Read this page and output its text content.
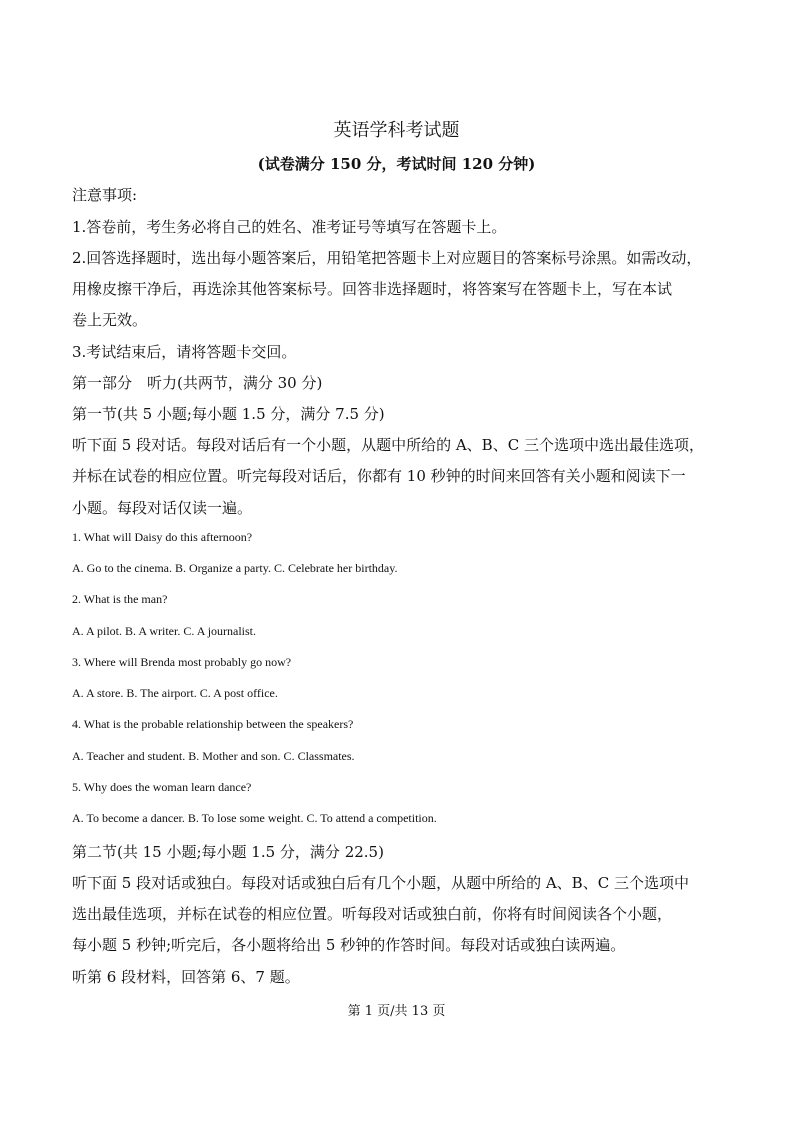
英语学科考试题
(试卷满分 150 分，考试时间 120 分钟)
注意事项:
1.答卷前，考生务必将自己的姓名、准考证号等填写在答题卡上。
2.回答选择题时，选出每小题答案后，用铅笔把答题卡上对应题目的答案标号涂黑。如需改动，
用橡皮擦干净后，再选涂其他答案标号。回答非选择题时，将答案写在答题卡上，写在本试
卷上无效。
3.考试结束后，请将答题卡交回。
第一部分　听力(共两节，满分 30 分)
第一节(共 5 小题;每小题 1.5 分，满分 7.5 分)
听下面 5 段对话。每段对话后有一个小题，从题中所给的 A、B、C 三个选项中选出最佳选项，
并标在试卷的相应位置。听完每段对话后，你都有 10 秒钟的时间来回答有关小题和阅读下一
小题。每段对话仅读一遍。
1. What will Daisy do this afternoon?
A. Go to the cinema. B. Organize a party. C. Celebrate her birthday.
2. What is the man?
A. A pilot. B. A writer. C. A journalist.
3. Where will Brenda most probably go now?
A. A store. B. The airport. C. A post office.
4. What is the probable relationship between the speakers?
A. Teacher and student. B. Mother and son. C. Classmates.
5. Why does the woman learn dance?
A. To become a dancer. B. To lose some weight. C. To attend a competition.
第二节(共 15 小题;每小题 1.5 分，满分 22.5)
听下面 5 段对话或独白。每段对话或独白后有几个小题，从题中所给的 A、B、C 三个选项中
选出最佳选项，并标在试卷的相应位置。听每段对话或独白前，你将有时间阅读各个小题，
每小题 5 秒钟;听完后，各小题将给出 5 秒钟的作答时间。每段对话或独白读两遍。
听第 6 段材料，回答第 6、7 题。
第 1 页/共 13 页
